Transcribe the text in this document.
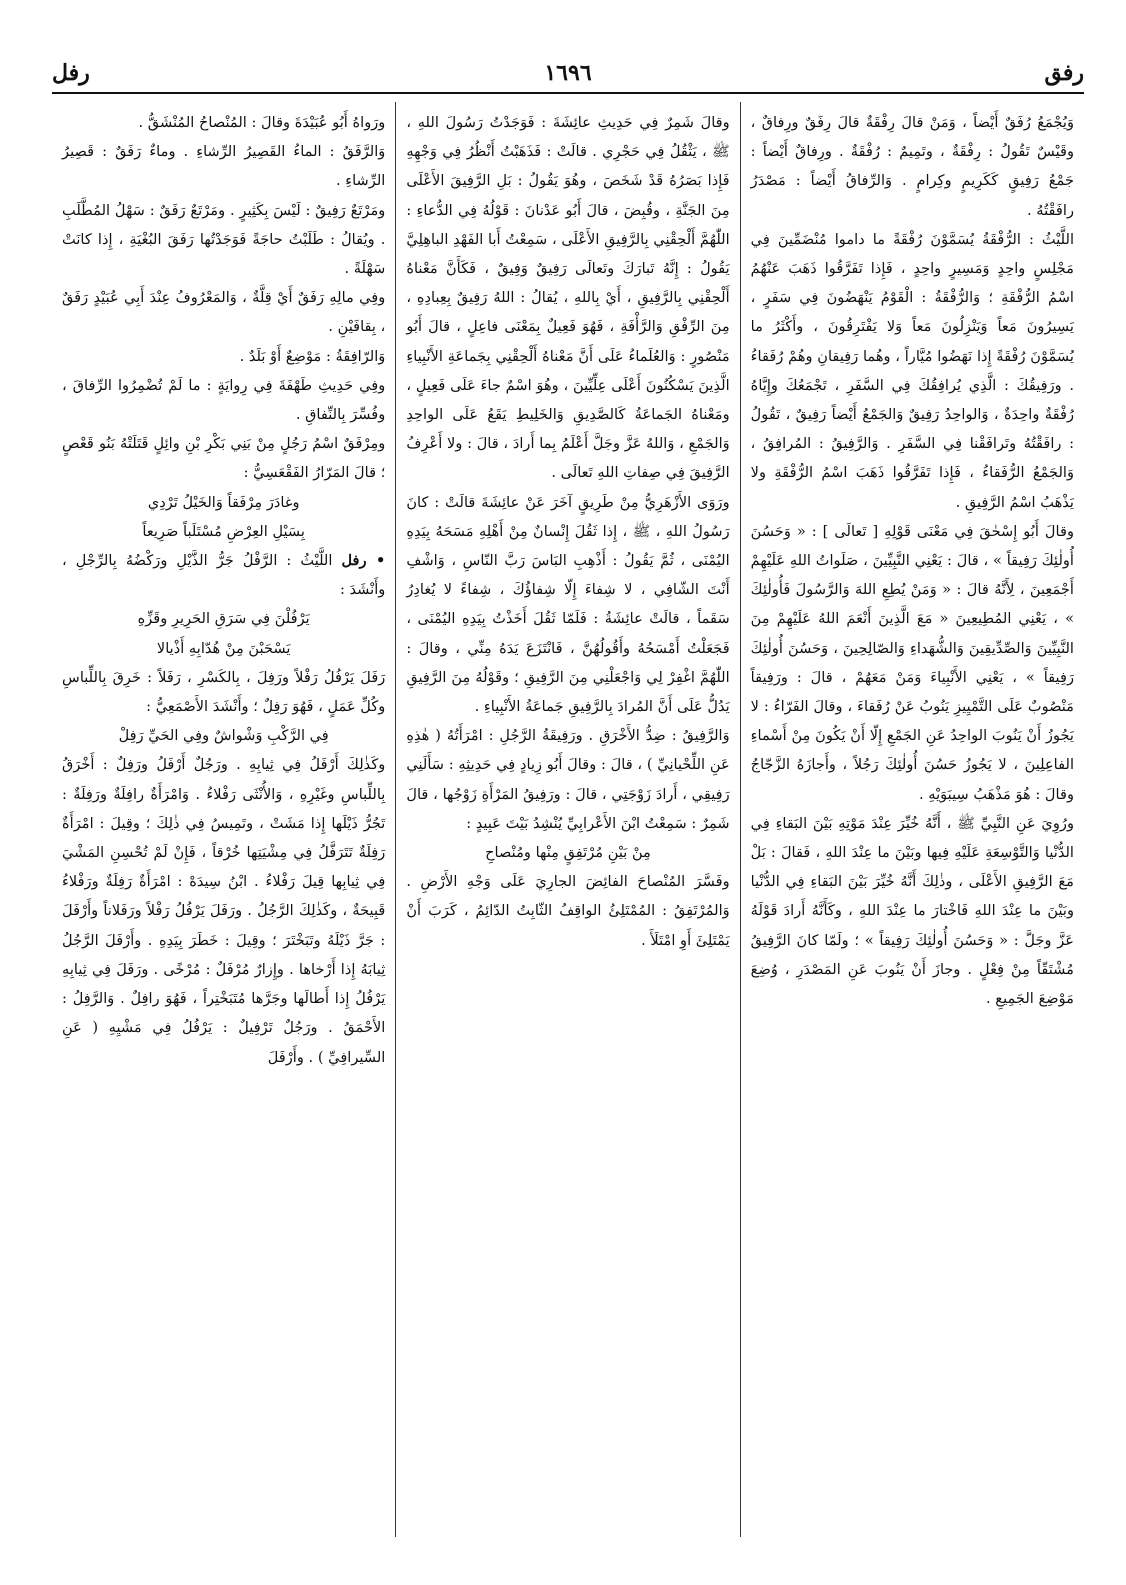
رفق
١٦٩٦
رفل

وَيُجْمَعُ رُفَقٌ أَيْضاً ، وَمَنْ قالَ رِفْقَةٌ قالَ رِفَقٌ ورِفاقٌ ، وقَيْسٌ تَقُولُ : رِفْقَةٌ ، وتَمِيمٌ : رُفْقَةٌ . ورِفاقٌ أَيْضاً : جَمْعُ رَفِيقٍ كَكَرِيمٍ وكِرامٍ . وَالرِّفاقُ أَيْضاً : مَصْدَرُ رافَقْتُهُ .

اللَّيْثُ : الرُّفْقَةُ يُسَمَّوْنَ رُفْقَةً ما داموا مُنْضَمِّينَ فِي مَجْلِسٍ واحِدٍ وَمَسِيرٍ واحِدٍ ، فَإِذا تَفَرَّقُوا ذَهَبَ عَنْهُمُ اسْمُ الرُّفْقَةِ ؛ وَالرُّفْقَةُ : الْقَوْمُ يَنْهَضُونَ فِي سَفَرٍ ، يَسِيرُونَ مَعاً وَيَنْزِلُونَ مَعاً وَلا يَفْتَرِقُونَ ، وأَكْثَرُ ما يُسَمَّوْنَ رُفْقَةً إِذا نَهَضُوا مُيَّاراً ، وهُما رَفِيقانِ وهُمْ رُفَقاءُ . ورَفِيقُكَ : الَّذِي يُرافِقُكَ فِي السَّفَرِ ، تَجْمَعُكَ وإِيَّاهُ رُفْقَةٌ واحِدَةٌ ، وَالواحِدُ رَفِيقٌ وَالجَمْعُ أَيْضاً رَفِيقٌ ، تَقُولُ : رافَقْتُهُ وتَرافَقْنا فِي السَّفَرِ . وَالرَّفِيقُ : المُرافِقُ ، وَالجَمْعُ الرُّفَقاءُ ، فَإِذا تَفَرَّقُوا ذَهَبَ اسْمُ الرُّفْقَةِ ولا يَذْهَبُ اسْمُ الرَّفِيقِ .

وقالَ أَبُو إِسْحٰقَ فِي مَعْنَى قَوْلِهِ [ تَعالَى ] : « وَحَسُنَ أُولٰئِكَ رَفِيقاً » ، قالَ : يَعْنِي النَّبِيِّينَ ، صَلَواتُ اللهِ عَلَيْهِمْ أَجْمَعِينَ ، لِأَنَّهُ قالَ : « وَمَنْ يُطِعِ اللهَ وَالرَّسُولَ فَأُولٰئِكَ » ، يَعْنِي المُطِيعِينَ « مَعَ الَّذِينَ أَنْعَمَ اللهُ عَلَيْهِمْ مِنَ النَّبِيِّينَ وَالصِّدِّيقِينَ وَالشُّهَداءِ وَالصّالِحِينَ ، وَحَسُنَ أُولٰئِكَ رَفِيقاً » ، يَعْنِي الأَنْبِياءَ وَمَنْ مَعَهُمْ ، قالَ : ورَفِيقاً مَنْصُوبٌ عَلَى التَّمْيِيزِ يَنُوبُ عَنْ رُفَقاءَ ، وقالَ الفَرّاءُ : لا يَجُوزُ أَنْ يَنُوبَ الواحِدُ عَنِ الجَمْعِ إِلّا أَنْ يَكُونَ مِنْ أَسْماءِ الفاعِلِينَ ، لا يَجُوزُ حَسُنَ أُولٰئِكَ رَجُلاً ، وأَجازَهُ الزَّجّاجُ وقالَ : هُوَ مَذْهَبُ سِيبَوَيْهِ .

ورُوِيَ عَنِ النَّبِيِّ ﷺ ، أَنَّهُ خُيِّرَ عِنْدَ مَوْتِهِ بَيْنَ البَقاءِ فِي الدُّنْيا وَالتَّوْسِعَةِ عَلَيْهِ فِيها وبَيْنَ ما عِنْدَ اللهِ ، فَقالَ : بَلْ مَعَ الرَّفِيقِ الأَعْلَى ، وذٰلِكَ أَنَّهُ خُيِّرَ بَيْنَ البَقاءِ فِي الدُّنْيا وبَيْنَ ما عِنْدَ اللهِ فَاخْتارَ ما عِنْدَ اللهِ ، وكَأَنَّهُ أَرادَ قَوْلَهُ عَزَّ وجَلَّ : « وَحَسُنَ أُولٰئِكَ رَفِيقاً » ؛ ولَمّا كانَ الرَّفِيقُ مُشْتَقّاً مِنْ فِعْلٍ . وجازَ أَنْ يَنُوبَ عَنِ المَصْدَرِ ، وُضِعَ مَوْضِعَ الجَمِيعِ .

وقالَ شَمِرٌ فِي حَدِيثِ عائِشَةَ : فَوَجَدْتُ رَسُولَ اللهِ ، ﷺ ، يَثْقُلُ فِي حَجْرِي . قالَتْ : فَذَهَبْتُ أَنْظُرُ فِي وَجْهِهِ فَإِذا بَصَرُهُ قَدْ شَخَصَ ، وهُوَ يَقُولُ : بَلِ الرَّفِيقَ الأَعْلَى مِنَ الجَنَّةِ ، وقُبِضَ ، قالَ أَبُو عَدْنانَ : قَوْلُهُ فِي الدُّعاءِ : اللّٰهُمَّ أَلْحِقْنِي بِالرَّفِيقِ الأَعْلَى ، سَمِعْتُ أَبا الفَهْدِ الباهِلِيَّ يَقُولُ : إِنَّهُ تَبارَكَ وتَعالَى رَفِيقٌ وَفِيقٌ ، فَكَأَنَّ مَعْناهُ أَلْحِقْنِي بِالرَّفِيقِ ، أَيْ بِاللهِ ، يُقالُ : اللهُ رَفِيقٌ بِعِبادِهِ ، مِنَ الرِّفْقِ وَالرَّأْفَةِ ، فَهُوَ فَعِيلٌ بِمَعْنَى فاعِلٍ ، قالَ أَبُو مَنْصُورٍ : وَالعُلَماءُ عَلَى أَنَّ مَعْناهُ أَلْحِقْنِي بِجَماعَةِ الأَنْبِياءِ الَّذِينَ يَسْكُنُونَ أَعْلَى عِلِّيِّينَ ، وهُوَ اسْمٌ جاءَ عَلَى فَعِيلٍ ، ومَعْناهُ الجَماعَةُ كَالصَّدِيقِ وَالخَلِيطِ يَقَعُ عَلَى الواحِدِ وَالجَمْعِ ، وَاللهُ عَزَّ وجَلَّ أَعْلَمُ بِما أَرادَ ، قالَ : ولا أَعْرِفُ الرَّفِيقَ فِي صِفاتِ اللهِ تَعالَى .

ورَوَى الأَزْهَرِيُّ مِنْ طَرِيقٍ آخَرَ عَنْ عائِشَةَ قالَتْ : كانَ رَسُولُ اللهِ ، ﷺ ، إِذا ثَقُلَ إِنْسانٌ مِنْ أَهْلِهِ مَسَحَهُ بِيَدِهِ اليُمْنَى ، ثُمَّ يَقُولُ : أَذْهِبِ البَاسَ رَبَّ النّاسِ ، وَاشْفِ أَنْتَ الشّافِي ، لا شِفاءَ إِلّا شِفاؤُكَ ، شِفاءً لا يُغادِرُ سَقَماً ، قالَتْ عائِشَةُ : فَلَمّا ثَقُلَ أَخَذْتُ بِيَدِهِ اليُمْنَى ، فَجَعَلْتُ أَمْسَحُهُ وأَقُولُهُنَّ ، فَانْتَزَعَ يَدَهُ مِنِّي ، وقالَ : اللّٰهُمَّ اغْفِرْ لِي وَاجْعَلْنِي مِنَ الرَّفِيقِ ؛ وقَوْلُهُ مِنَ الرَّفِيقِ يَدُلُّ عَلَى أَنَّ المُرادَ بِالرَّفِيقِ جَماعَةُ الأَنْبِياءِ .

وَالرَّفِيقُ : ضِدُّ الأَخْرَقِ . ورَفِيقَةُ الرَّجُلِ : امْرَأَتُهُ ( هٰذِهِ عَنِ اللِّحْيانِيِّ ) ، قالَ : وقالَ أَبُو زِيادٍ فِي حَدِيثِهِ : سَأَلَنِي رَفِيقِي ، أَرادَ زَوْجَتِي ، قالَ : ورَفِيقُ المَرْأَةِ زَوْجُها ، قالَ شَمِرٌ : سَمِعْتُ ابْنَ الأَعْرابِيِّ يُنْشِدُ بَيْتَ عَبِيدٍ :

مِنْ بَيْنِ مُرْتَفِقٍ مِنْها ومُنْصاحِ

وفَسَّرَ المُنْصاحَ الفائِضَ الجارِيَ عَلَى وَجْهِ الأَرْضِ . وَالمُرْتَفِقُ : المُمْتَلِئُ الواقِفُ الثّابِتُ الدّائِمُ ، كَرَبَ أَنْ يَمْتَلِئَ أَوِ امْتَلَأَ .

ورَواهُ أَبُو عُبَيْدَةَ وقالَ : المُنْصاحُ المُنْشَقُّ .

وَالرَّفَقُ : الماءُ القَصِيرُ الرِّشاءِ . وماءٌ رَفَقٌ : قَصِيرُ الرِّشاءِ .

ومَرْتَعٌ رَفِيقٌ : لَيْسَ بِكَثِيرٍ . ومَرْتَعٌ رَفَقٌ : سَهْلُ المُطَّلَبِ . ويُقالُ : طَلَبْتُ حاجَةً فَوَجَدْتُها رَفَقَ البُغْيَةِ ، إِذا كانَتْ سَهْلَةً .

وفِي مالِهِ رَفَقٌ أَيْ قِلَّةٌ ، وَالمَعْرُوفُ عِنْدَ أَبِي عُبَيْدٍ رَفَقٌ ، بِقافَيْنِ .

وَالرّافِقَةُ : مَوْضِعٌ أَوْ بَلَدٌ .

وفِي حَدِيثِ طَهْفَةَ فِي رِوايَةٍ : ما لَمْ تُضْمِرُوا الرِّفاقَ ، وفُسِّرَ بِالنِّفاقِ .

ومِرْفَقٌ اسْمُ رَجُلٍ مِنْ بَنِي بَكْرِ بْنِ وائِلٍ قَتَلَتْهُ بَنُو قَعْصٍ ؛ قالَ المَرّارُ الفَقْعَسِيُّ :

وغادَرَ مِرْفَقاً وَالخَيْلُ تَرْدِي

بِسَيْلِ العِرْضِ مُسْتَلَباً صَرِيعاً

• رفل اللَّيْثُ : الرَّفْلُ جَرُّ الذَّيْلِ ورَكْضُهُ بِالرِّجْلِ ، وأَنْشَدَ :

يَرْفُلْنَ فِي سَرَقِ الحَرِيرِ وقَزِّهِ

يَسْحَبْنَ مِنْ هُدّابِهِ أَذْيالا

رَفَلَ يَرْفُلُ رَفْلاً ورَفِلَ ، بِالكَسْرِ ، رَفَلاً : خَرِقَ بِاللِّباسِ وكُلِّ عَمَلٍ ، فَهُوَ رَفِلٌ ؛ وأَنْشَدَ الأَصْمَعِيُّ :

فِي الرَّكْبِ وَشْواشٌ وفِي الحَيِّ رَفِلْ

وكَذٰلِكَ أَرْفَلُ فِي ثِيابِهِ . ورَجُلٌ أَرْفَلُ ورَفِلٌ : أَخْرَقُ بِاللِّباسِ وغَيْرِهِ ، وَالأُنْثَى رَفْلاءُ . وَامْرَأَةٌ رافِلَةٌ ورَفِلَةٌ : تَجُرُّ ذَيْلَها إِذا مَشَتْ ، وتَمِيسُ فِي ذٰلِكَ ؛ وقِيلَ : امْرَأَةٌ رَفِلَةٌ تَتَرَفَّلُ فِي مِشْيَتِها خُرْقاً ، فَإِنْ لَمْ تُحْسِنِ المَشْيَ فِي ثِيابِها قِيلَ رَفْلاءُ . ابْنُ سِيدَهْ : امْرَأَةٌ رَفِلَةٌ ورَفْلاءُ قَبِيحَةٌ ، وكَذٰلِكَ الرَّجُلُ . ورَفَلَ يَرْفُلُ رَفْلاً ورَفَلاناً وأَرْفَلَ : جَرَّ ذَيْلَهُ وتَبَخْتَرَ ؛ وقِيلَ : خَطَرَ بِيَدِهِ . وأَرْفَلَ الرَّجُلُ ثِيابَهُ إِذا أَرْخاها . وإِزارٌ مُرْفَلٌ : مُرْخًى . ورَفَلَ فِي ثِيابِهِ يَرْفُلُ إِذا أَطالَها وجَرَّها مُتَبَخْتِراً ، فَهُوَ رافِلٌ . وَالرَّفِلُ : الأَحْمَقُ . ورَجُلٌ تَرْفِيلٌ : يَرْفُلُ فِي مَشْيِهِ ( عَنِ السِّيرافِيِّ ) . وأَرْفَلَ
